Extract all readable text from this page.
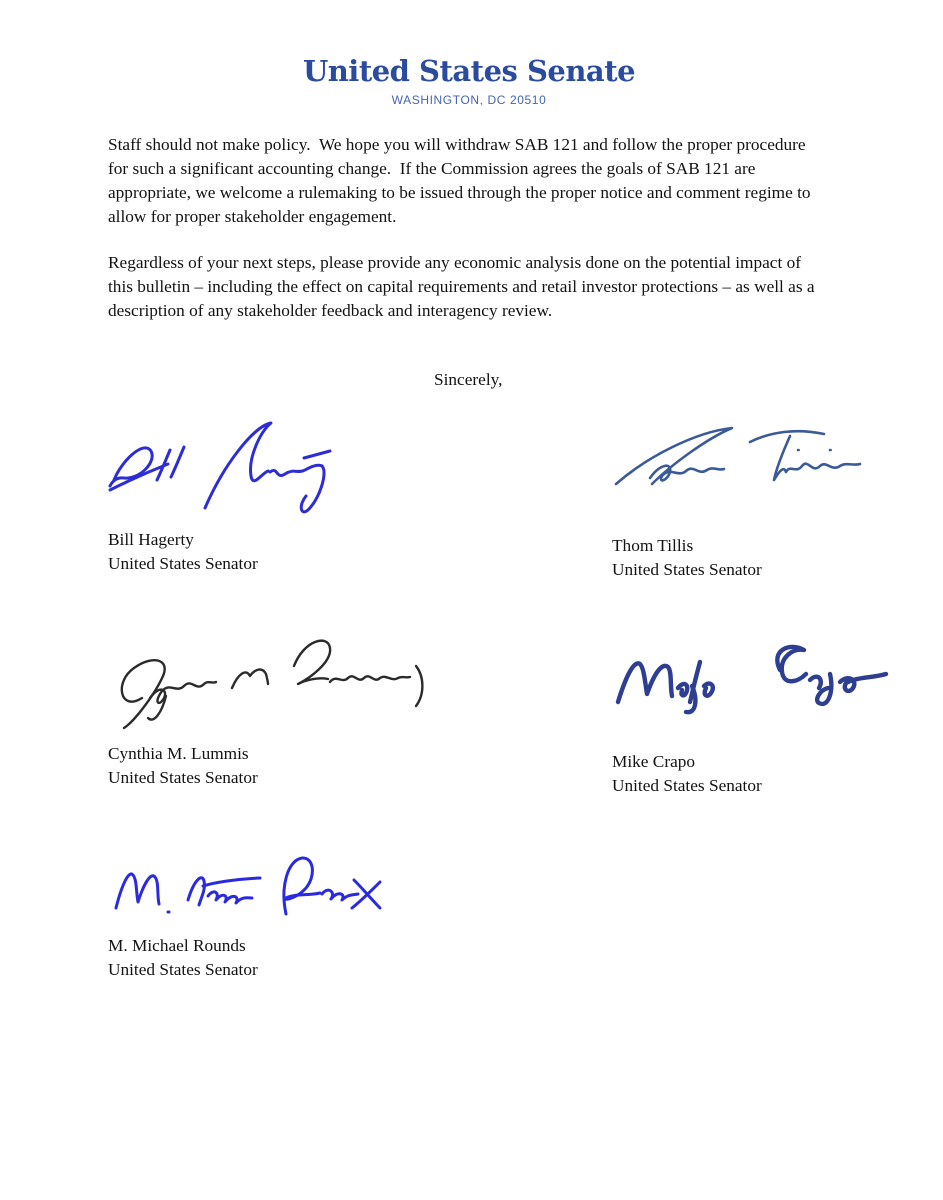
United States Senate
WASHINGTON, DC 20510

Staff should not make policy.  We hope you will withdraw SAB 121 and follow the proper procedure for such a significant accounting change.  If the Commission agrees the goals of SAB 121 are appropriate, we welcome a rulemaking to be issued through the proper notice and comment regime to allow for proper stakeholder engagement.

Regardless of your next steps, please provide any economic analysis done on the potential impact of this bulletin – including the effect on capital requirements and retail investor protections – as well as a description of any stakeholder feedback and interagency review.

Sincerely,
Bill Hagerty
United States Senator
Thom Tillis
United States Senator
Cynthia M. Lummis
United States Senator
Mike Crapo
United States Senator
M. Michael Rounds
United States Senator
